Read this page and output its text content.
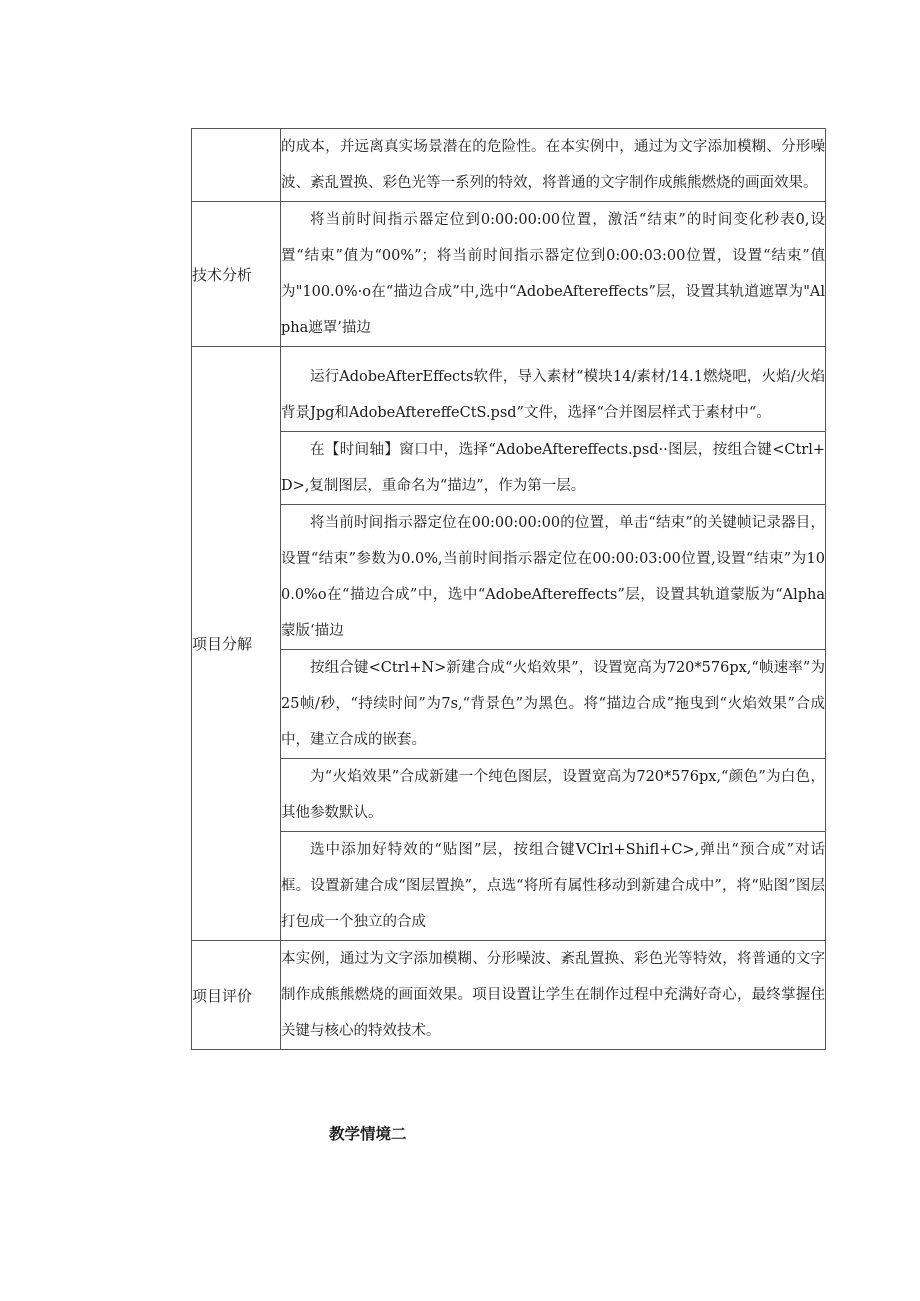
	的成本，并远离真实场景潜在的危险性。在本实例中，通过为文字添加模糊、分形噪波、紊乱置换、彩色光等一系列的特效，将普通的文字制作成熊熊燃烧的画面效果。

技术分析	将当前时间指示器定位到0:00:00:00位置，激活“结束”的时间变化秒表0,设置“结束”值为“00%”；将当前时间指示器定位到0:00:03:00位置，设置“结束”值为"100.0%·o在“描边合成”中,选中“AdobeAftereffects”层，设置其轨道遮罩为"Alpha遮罩’描边

项目分解	运行AdobeAfterEffects软件，导入素材“模块14/素材/14.1燃烧吧，火焰/火焰背景Jpg和AdobeAftereffeCtS.psd”文件，选择“合并图层样式于素材中“。
	在【时间轴】窗口中，选择“AdobeAftereffects.psd··图层，按组合键<Ctrl+D>,复制图层，重命名为“描边”，作为第一层。
	将当前时间指示器定位在00:00:00:00的位置，单击“结束”的关键帧记录器目，设置“结束”参数为0.0%,当前时间指示器定位在00:00:03:00位置,设置“结束”为100.0%o在“描边合成”中，选中“AdobeAftereffects”层，设置其轨道蒙版为“Alpha蒙版‘描边
	按组合键<Ctrl+N>新建合成“火焰效果”，设置宽高为720*576px,“帧速率”为25帧/秒，“持续时间”为7s,“背景色”为黑色。将“描边合成”拖曳到“火焰效果”合成中，建立合成的嵌套。
	为“火焰效果”合成新建一个纯色图层，设置宽高为720*576px,“颜色”为白色，其他参数默认。
	选中添加好特效的“贴图”层，按组合键VClrl+Shifl+C>,弹出“预合成”对话框。设置新建合成“图层置换”，点选“将所有属性移动到新建合成中”，将“贴图”图层打包成一个独立的合成

项目评价	本实例，通过为文字添加模糊、分形噪波、紊乱置换、彩色光等特效，将普通的文字制作成熊熊燃烧的画面效果。项目设置让学生在制作过程中充满好奇心，最终掌握住关键与核心的特效技术。
教学情境二
